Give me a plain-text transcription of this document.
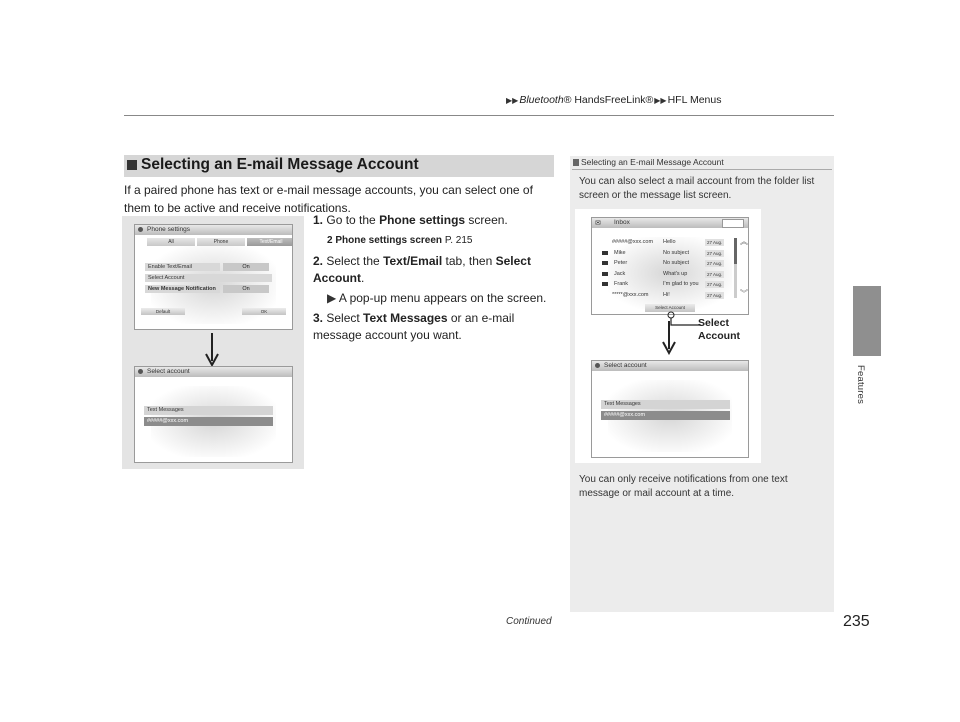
▶▶Bluetooth® HandsFreeLink®▶▶HFL Menus
Features
Selecting an E-mail Message Account
If a paired phone has text or e-mail message accounts, you can select one of them to be active and receive notifications.
Phone settings
All	Phone	Text/Email
Enable Text/Email	On
Select Account
New Message Notification	On
Default	OK
Select account
Text Messages
#####@xxx.com
1. Go to the Phone settings screen.
2 Phone settings screen P. 215
2. Select the Text/Email tab, then Select Account.
▶ A pop-up menu appears on the screen.
3. Select Text Messages or an e-mail message account you want.
Selecting an E-mail Message Account
You can also select a mail account from the folder list screen or the message list screen.
✉ Inbox
#####@xxx.com Hello	27 Aug.
Mike	No subject	27 Aug.
Peter	No subject	27 Aug.
Jack	What's up	27 Aug.
Frank	I'm glad to you	27 Aug.
*****@xxx.com	Hi!	27 Aug.
︽
︾
Select Account
Select account
Text Messages
#####@xxx.com
Select Account
You can only receive notifications from one text message or mail account at a time.
Continued	235
